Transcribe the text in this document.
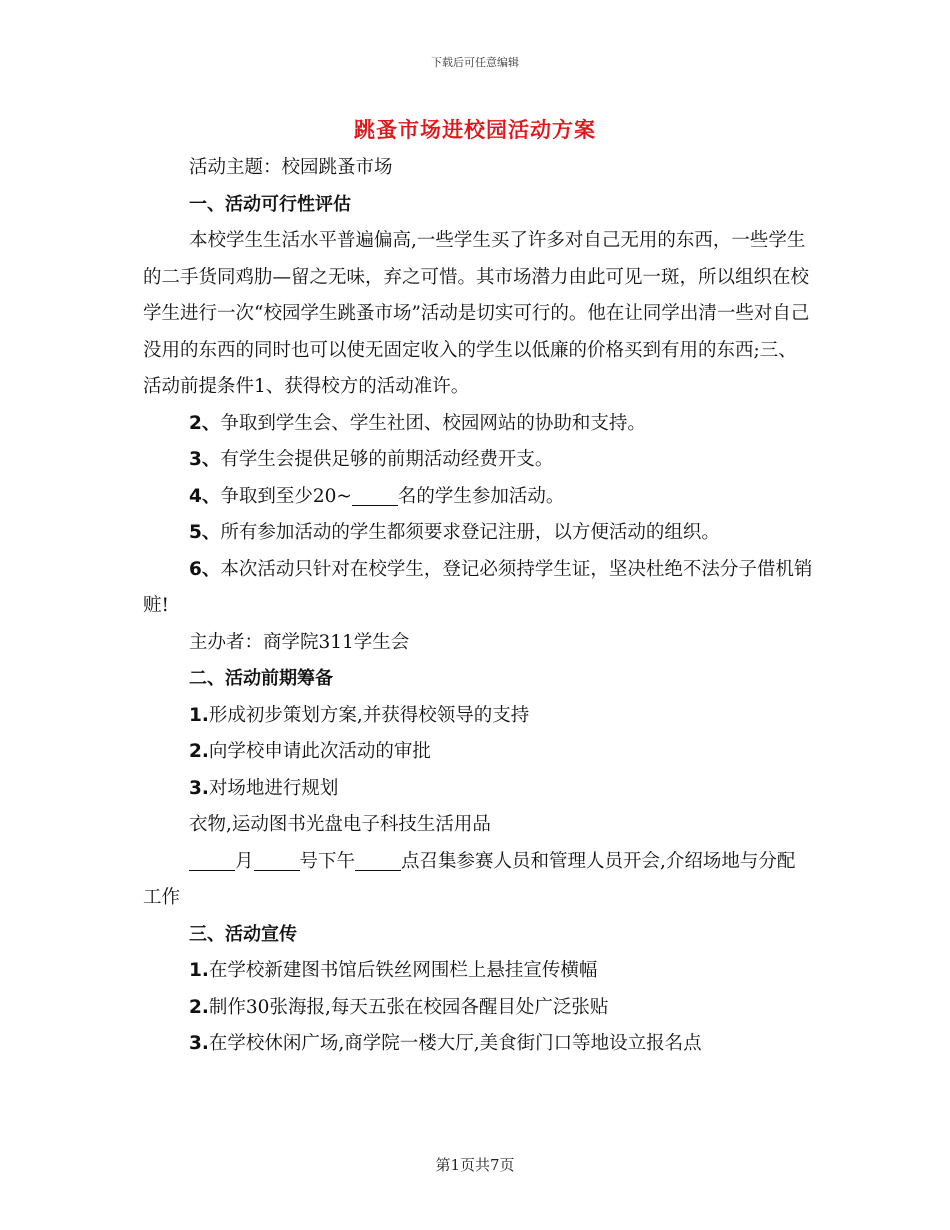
下载后可任意编辑
跳蚤市场进校园活动方案

活动主题：校园跳蚤市场

一、活动可行性评估

本校学生生活水平普遍偏高,一些学生买了许多对自己无用的东西，一些学生的二手货同鸡肋—留之无味，弃之可惜。其市场潜力由此可见一斑，所以组织在校学生进行一次“校园学生跳蚤市场”活动是切实可行的。他在让同学出清一些对自己没用的东西的同时也可以使无固定收入的学生以低廉的价格买到有用的东西;三、活动前提条件1、获得校方的活动准许。

2、争取到学生会、学生社团、校园网站的协助和支持。

3、有学生会提供足够的前期活动经费开支。

4、争取到至少20~ 名的学生参加活动。

5、所有参加活动的学生都须要求登记注册，以方便活动的组织。

6、本次活动只针对在校学生，登记必须持学生证，坚决杜绝不法分子借机销赃!

主办者：商学院311学生会

二、活动前期筹备

1.形成初步策划方案,并获得校领导的支持

2.向学校申请此次活动的审批

3.对场地进行规划

衣物,运动图书光盘电子科技生活用品

月 号下午 点召集参赛人员和管理人员开会,介绍场地与分配工作

三、活动宣传

1.在学校新建图书馆后铁丝网围栏上悬挂宣传横幅

2.制作30张海报,每天五张在校园各醒目处广泛张贴

3.在学校休闲广场,商学院一楼大厅,美食街门口等地设立报名点

第1页共7页
